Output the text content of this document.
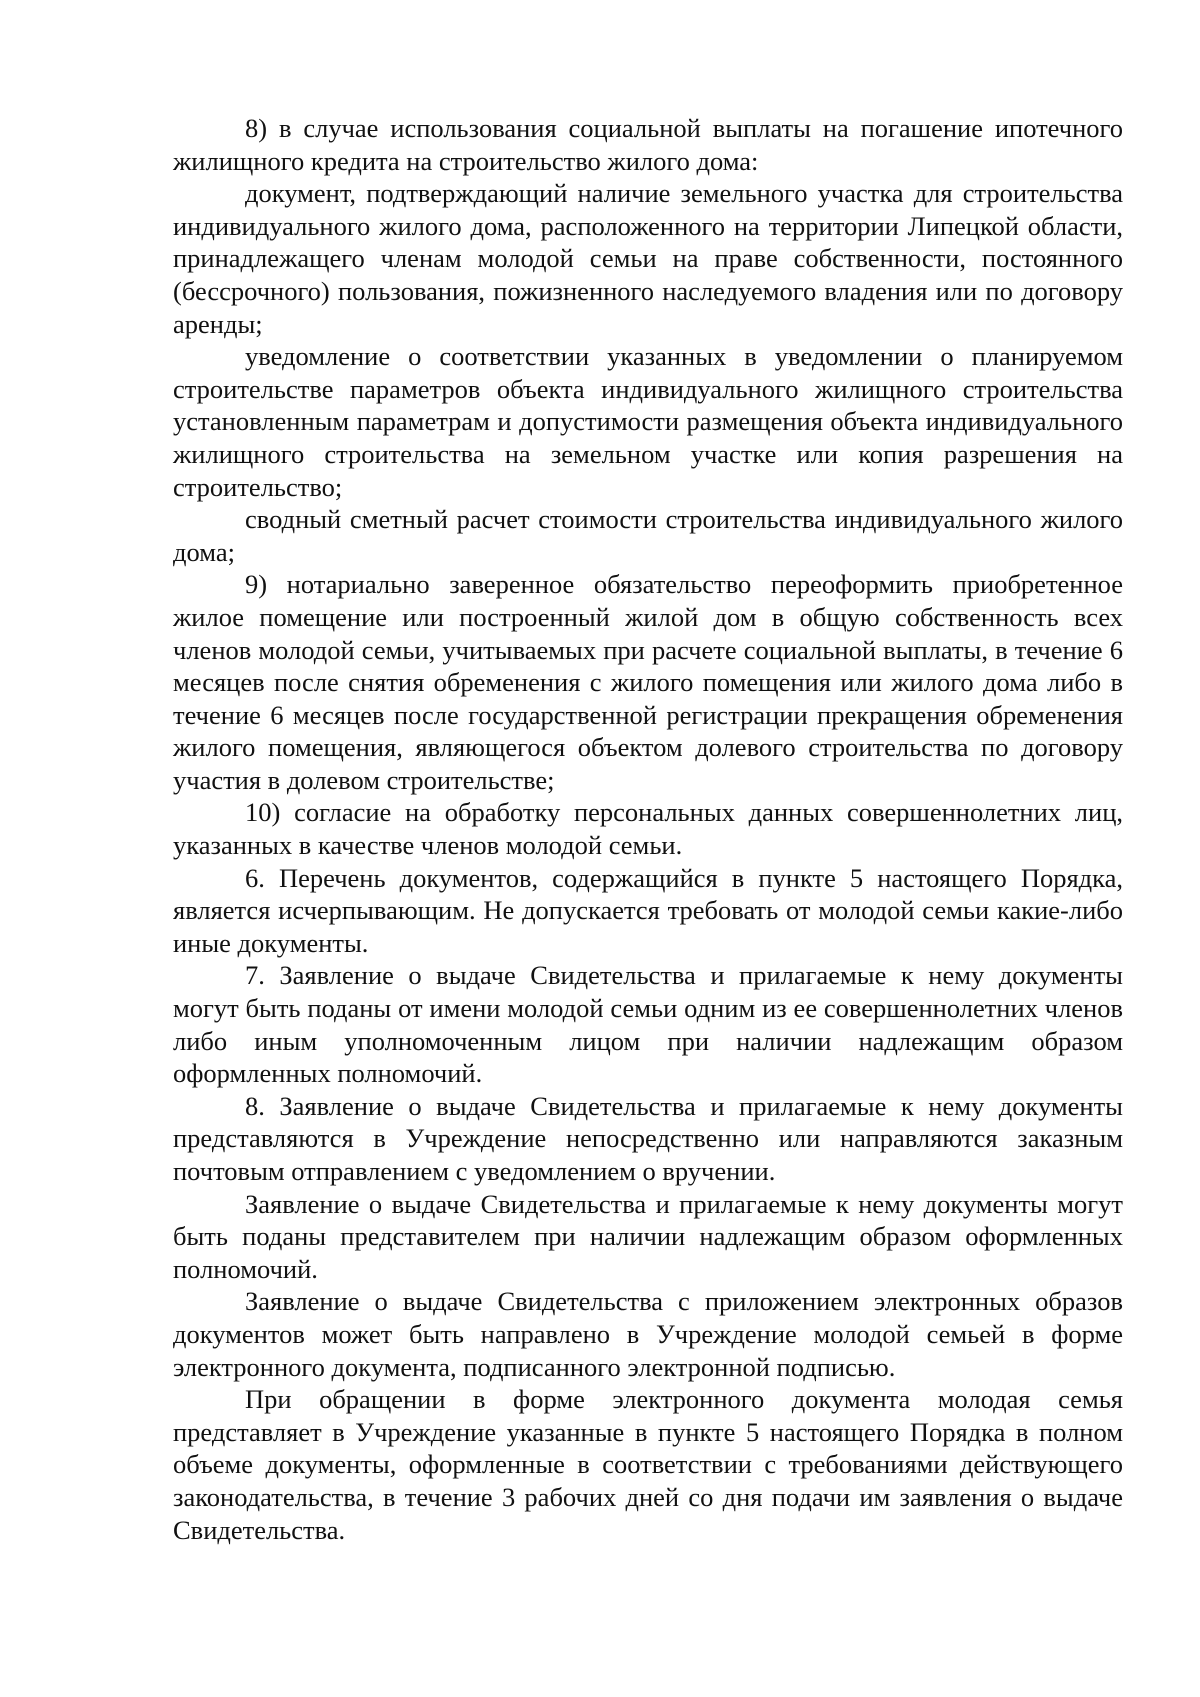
8) в случае использования социальной выплаты на погашение ипотечного жилищного кредита на строительство жилого дома:

документ, подтверждающий наличие земельного участка для строительства индивидуального жилого дома, расположенного на территории Липецкой области, принадлежащего членам молодой семьи на праве собственности, постоянного (бессрочного) пользования, пожизненного наследуемого владения или по договору аренды;

уведомление о соответствии указанных в уведомлении о планируемом строительстве параметров объекта индивидуального жилищного строительства установленным параметрам и допустимости размещения объекта индивидуального жилищного строительства на земельном участке или копия разрешения на строительство;

сводный сметный расчет стоимости строительства индивидуального жилого дома;

9) нотариально заверенное обязательство переоформить приобретенное жилое помещение или построенный жилой дом в общую собственность всех членов молодой семьи, учитываемых при расчете социальной выплаты, в течение 6 месяцев после снятия обременения с жилого помещения или жилого дома либо в течение 6 месяцев после государственной регистрации прекращения обременения жилого помещения, являющегося объектом долевого строительства по договору участия в долевом строительстве;

10) согласие на обработку персональных данных совершеннолетних лиц, указанных в качестве членов молодой семьи.

6. Перечень документов, содержащийся в пункте 5 настоящего Порядка, является исчерпывающим. Не допускается требовать от молодой семьи какие-либо иные документы.

7. Заявление о выдаче Свидетельства и прилагаемые к нему документы могут быть поданы от имени молодой семьи одним из ее совершеннолетних членов либо иным уполномоченным лицом при наличии надлежащим образом оформленных полномочий.

8. Заявление о выдаче Свидетельства и прилагаемые к нему документы представляются в Учреждение непосредственно или направляются заказным почтовым отправлением с уведомлением о вручении.

Заявление о выдаче Свидетельства и прилагаемые к нему документы могут быть поданы представителем при наличии надлежащим образом оформленных полномочий.

Заявление о выдаче Свидетельства с приложением электронных образов документов может быть направлено в Учреждение молодой семьей в форме электронного документа, подписанного электронной подписью.

При обращении в форме электронного документа молодая семья представляет в Учреждение указанные в пункте 5 настоящего Порядка в полном объеме документы, оформленные в соответствии с требованиями действующего законодательства, в течение 3 рабочих дней со дня подачи им заявления о выдаче Свидетельства.
